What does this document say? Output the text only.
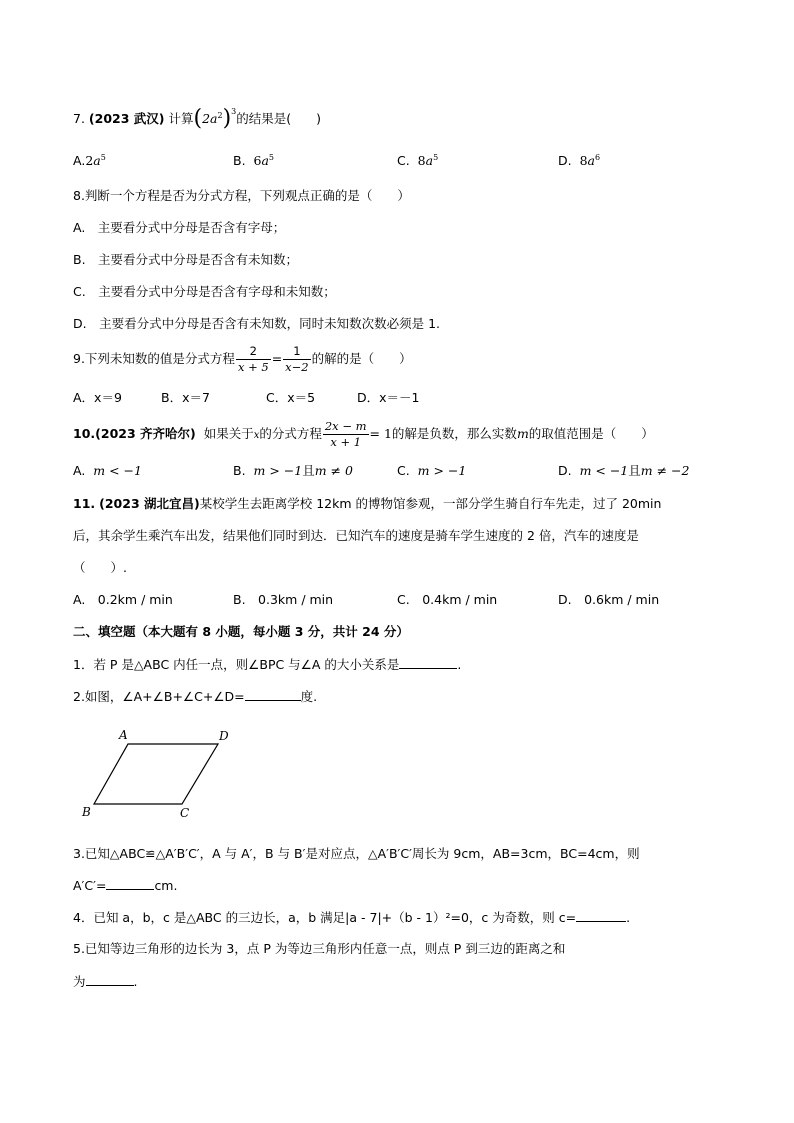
7. (2023 武汉) 计算$(2a^2)^3$的结果是(　　)
$A.2a^5$	B. $6a^5$	C. $8a^5$	D. $8a^6$
8.判断一个方程是否为分式方程，下列观点正确的是（　　）
A.　主要看分式中分母是否含有字母；
B.　主要看分式中分母是否含有未知数；
C.　主要看分式中分母是否含有字母和未知数；
D.　主要看分式中分母是否含有未知数，同时未知数次数必须是 1.
9.下列未知数的值是分式方程 $\frac{2}{x + 5} = \frac{1}{x-2}$ 的解的是（　　）
A．x＝9	B．x＝7	C．x＝5	D．x＝－1
10.(2023 齐齐哈尔) 如果关于x的分式方程 $\frac{2x - m}{x + 1} = 1$的解是负数，那么实数m的取值范围是（　　）
A. m < −1	B. m > −1且m ≠ 0	C. m > −1	D. m < −1且m ≠ −2
11. (2023 湖北宜昌)某校学生去距离学校 12km 的博物馆参观，一部分学生骑自行车先走，过了 20min
后，其余学生乘汽车出发，结果他们同时到达．已知汽车的速度是骑车学生速度的 2 倍，汽车的速度是
（　　）.
A.　0.2km / min	B.　0.3km / min	C.　0.4km / min	D.　0.6km / min
二、填空题（本大题有 8 小题，每小题 3 分，共计 24 分）
1．若 P 是△ABC 内任一点，则∠BPC 与∠A 的大小关系是	.
2.如图，∠A+∠B+∠C+∠D=	度.
A	D
B	C
3.已知△ABC≌△A′B′C′，A 与 A′，B 与 B′是对应点，△A′B′C′周长为 9cm，AB=3cm，BC=4cm，则
A′C′=	cm.
4．已知 a，b，c 是△ABC 的三边长，a，b 满足|a - 7|+（b - 1）²=0，c 为奇数，则 c=	.
5.已知等边三角形的边长为 3，点 P 为等边三角形内任意一点，则点 P 到三边的距离之和
为	.
